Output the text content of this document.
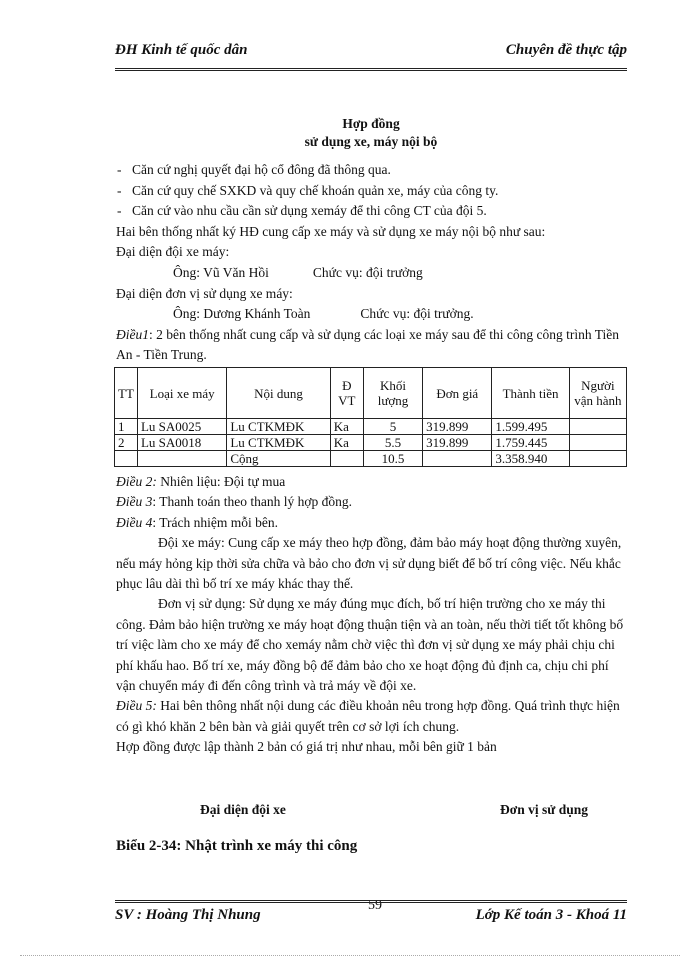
ĐH Kinh tế quốc dân	Chuyên đề thực tập
Hợp đồng
sử dụng xe, máy nội bộ

- Căn cứ nghị quyết đại hộ cổ đông đã thông qua.

- Căn cứ quy chế SXKD và quy chế khoán quản xe, máy của công ty.

- Căn cứ vào nhu cầu cần sử dụng xemáy để thi công CT của đội 5.

Hai bên thống nhất ký HĐ cung cấp xe máy và sử dụng xe máy nội bộ như sau:

Đại diện đội xe máy:

Ông: Vũ Văn Hồi	Chức vụ: đội trưởng

Đại diện đơn vị sử dụng xe máy:

Ông: Dương Khánh Toàn	Chức vụ: đội trưởng.

Điều1: 2 bên thống nhất cung cấp và sử dụng các loại xe máy sau để thi công công trình Tiền An - Tiền Trung.

TT	Loại xe máy	Nội dung	Đ VT	Khối lượng	Đơn giá	Thành tiền	Người vận hành
1	Lu SA0025	Lu CTKMĐK	Ka	5	319.899	1.599.495	
2	Lu SA0018	Lu CTKMĐK	Ka	5.5	319.899	1.759.445	
		Cộng		10.5		3.358.940	

Điều 2: Nhiên liệu: Đội tự mua

Điều 3: Thanh toán theo thanh lý hợp đồng.

Điều 4: Trách nhiệm mỗi bên.

Đội xe máy: Cung cấp xe máy theo hợp đồng, đảm bảo máy hoạt động thường xuyên, nếu máy hỏng kịp thời sửa chữa và bảo cho đơn vị sử dụng biết để bố trí công việc. Nếu khắc phục lâu dài thì bố trí xe máy khác thay thế.

Đơn vị sử dụng: Sử dụng xe máy đúng mục đích, bố trí hiện trường cho xe máy thi công. Đảm bảo hiện trường xe máy hoạt động thuận tiện và an toàn, nếu thời tiết tốt không bố trí việc làm cho xe máy để cho xemáy nằm chờ việc thì đơn vị sử dụng xe máy phải chịu chi phí khấu hao. Bố trí xe, máy đồng bộ để đảm bảo cho xe hoạt động đủ định ca, chịu chi phí vận chuyển máy đi đến công trình và trả máy về đội xe.

Điều 5: Hai bên thông nhất nội dung các điều khoản nêu trong hợp đồng. Quá trình thực hiện có gì khó khăn 2 bên bàn và giải quyết trên cơ sở lợi ích chung.

Hợp đồng được lập thành 2 bản có giá trị như nhau, mỗi bên giữ 1 bản

Đại diện đội xe	Đơn vị sử dụng
Biểu 2-34: Nhật trình xe máy thi công
59
SV : Hoàng Thị Nhung	Lớp Kế toán 3 - Khoá 11
